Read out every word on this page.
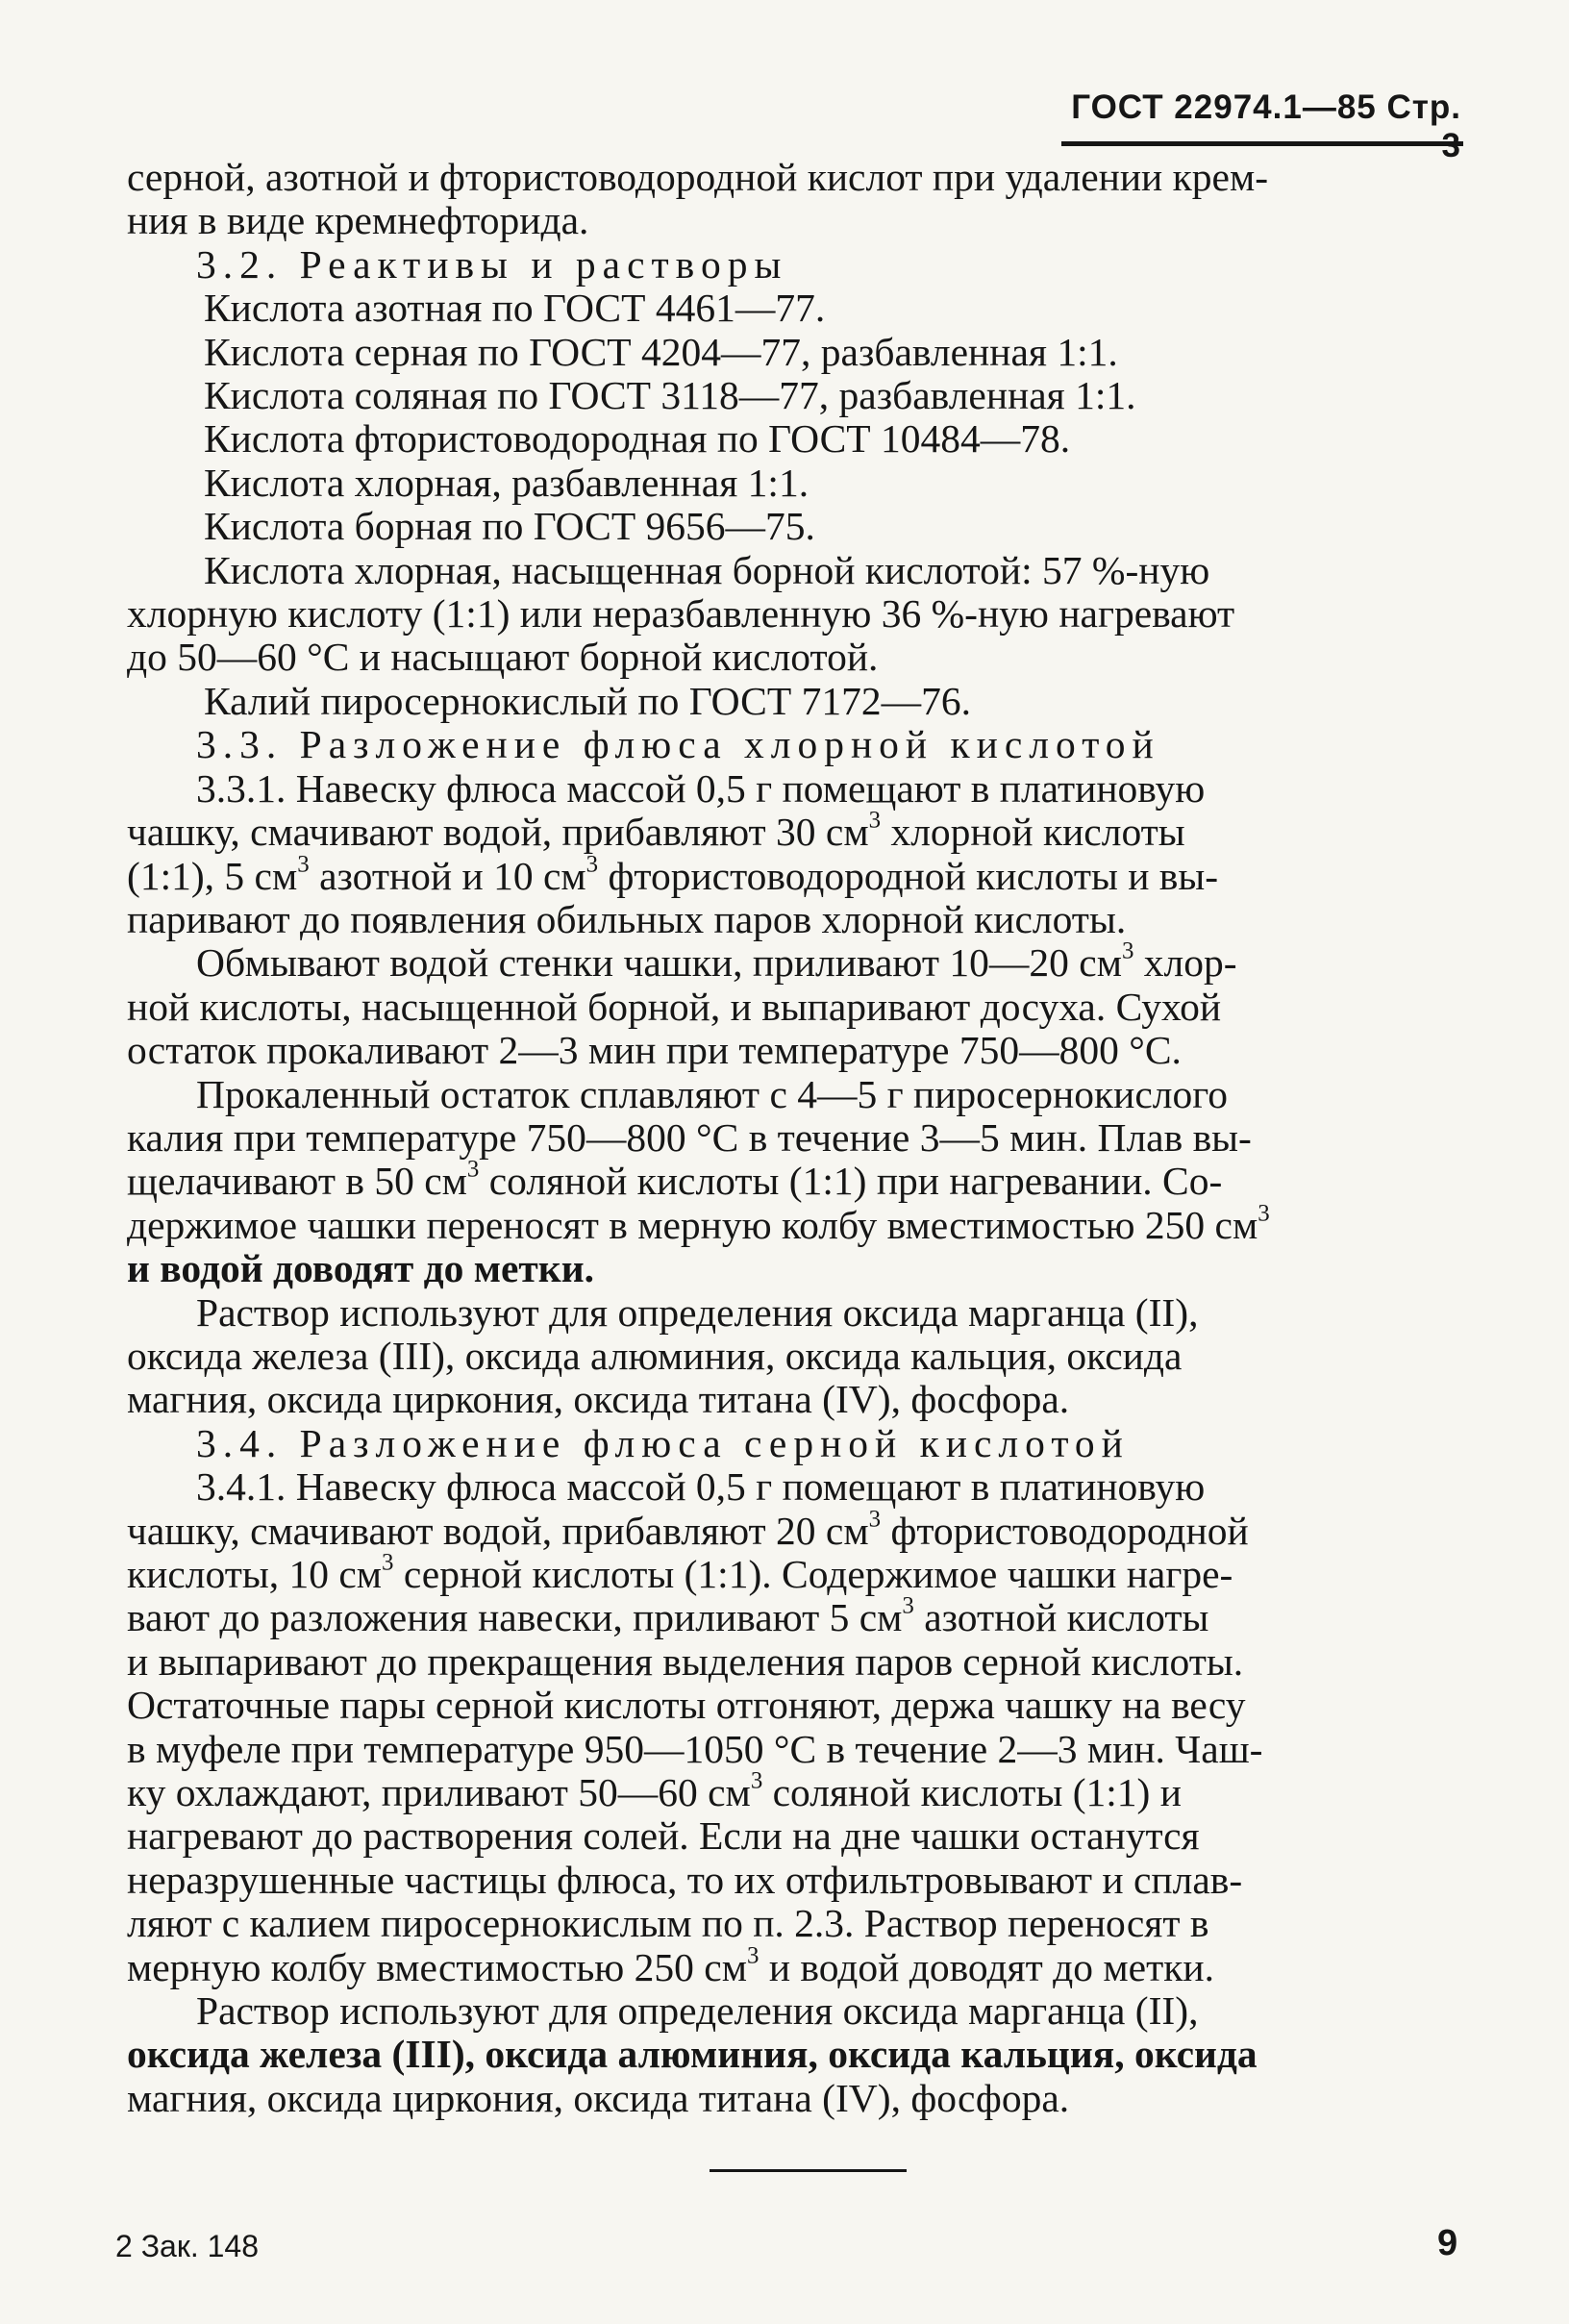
ГОСТ 22974.1—85 Стр.
серной, азотной и фтористоводородной кислот при удалении крем-
ния в виде кремнефторида.
3.2. Реактивы и растворы
Кислота азотная по ГОСТ 4461—77.
Кислота серная по ГОСТ 4204—77, разбавленная 1:1.
Кислота соляная по ГОСТ 3118—77, разбавленная 1:1.
Кислота фтористоводородная по ГОСТ 10484—78.
Кислота хлорная, разбавленная 1:1.
Кислота борная по ГОСТ 9656—75.
Кислота хлорная, насыщенная борной кислотой: 57 %-ную
хлорную кислоту (1:1) или неразбавленную 36 %-ную нагревают
до 50—60 °С и насыщают борной кислотой.
Калий пиросернокислый по ГОСТ 7172—76.
3.3. Разложение флюса хлорной кислотой
3.3.1. Навеску флюса массой 0,5 г помещают в платиновую
чашку, смачивают водой, прибавляют 30 $см^3$ хлорной кислоты
(1:1), 5 $см^3$ азотной и 10 $см^3$ фтористоводородной кислоты и вы-
паривают до появления обильных паров хлорной кислоты.
Обмывают водой стенки чашки, приливают 10—20 $см^3$ хлор-
ной кислоты, насыщенной борной, и выпаривают досуха. Сухой
остаток прокаливают 2—3 мин при температуре 750—800 °С.
Прокаленный остаток сплавляют с 4—5 г пиросернокислого
калия при температуре 750—800 °С в течение 3—5 мин. Плав вы-
щелачивают в 50 $см^3$ соляной кислоты (1:1) при нагревании. Со-
держимое чашки переносят в мерную колбу вместимостью 250 $см^3$
и водой доводят до метки.
Раствор используют для определения оксида марганца (II),
оксида железа (III), оксида алюминия, оксида кальция, оксида
магния, оксида циркония, оксида титана (IV), фосфора.
3.4. Разложение флюса серной кислотой
3.4.1. Навеску флюса массой 0,5 г помещают в платиновую
чашку, смачивают водой, прибавляют 20 $см^3$ фтористоводородной
кислоты, 10 $см^3$ серной кислоты (1:1). Содержимое чашки нагре-
вают до разложения навески, приливают 5 $см^3$ азотной кислоты
и выпаривают до прекращения выделения паров серной кислоты.
Остаточные пары серной кислоты отгоняют, держа чашку на весу
в муфеле при температуре 950—1050 °С в течение 2—3 мин. Чаш-
ку охлаждают, приливают 50—60 $см^3$ соляной кислоты (1:1) и
нагревают до растворения солей. Если на дне чашки останутся
неразрушенные частицы флюса, то их отфильтровывают и сплав-
ляют с калием пиросернокислым по п. 2.3. Раствор переносят в
мерную колбу вместимостью 250 $см^3$ и водой доводят до метки.
Раствор используют для определения оксида марганца (II),
оксида железа (III), оксида алюминия, оксида кальция, оксида
магния, оксида циркония, оксида титана (IV), фосфора.
2 Зак. 148	9
